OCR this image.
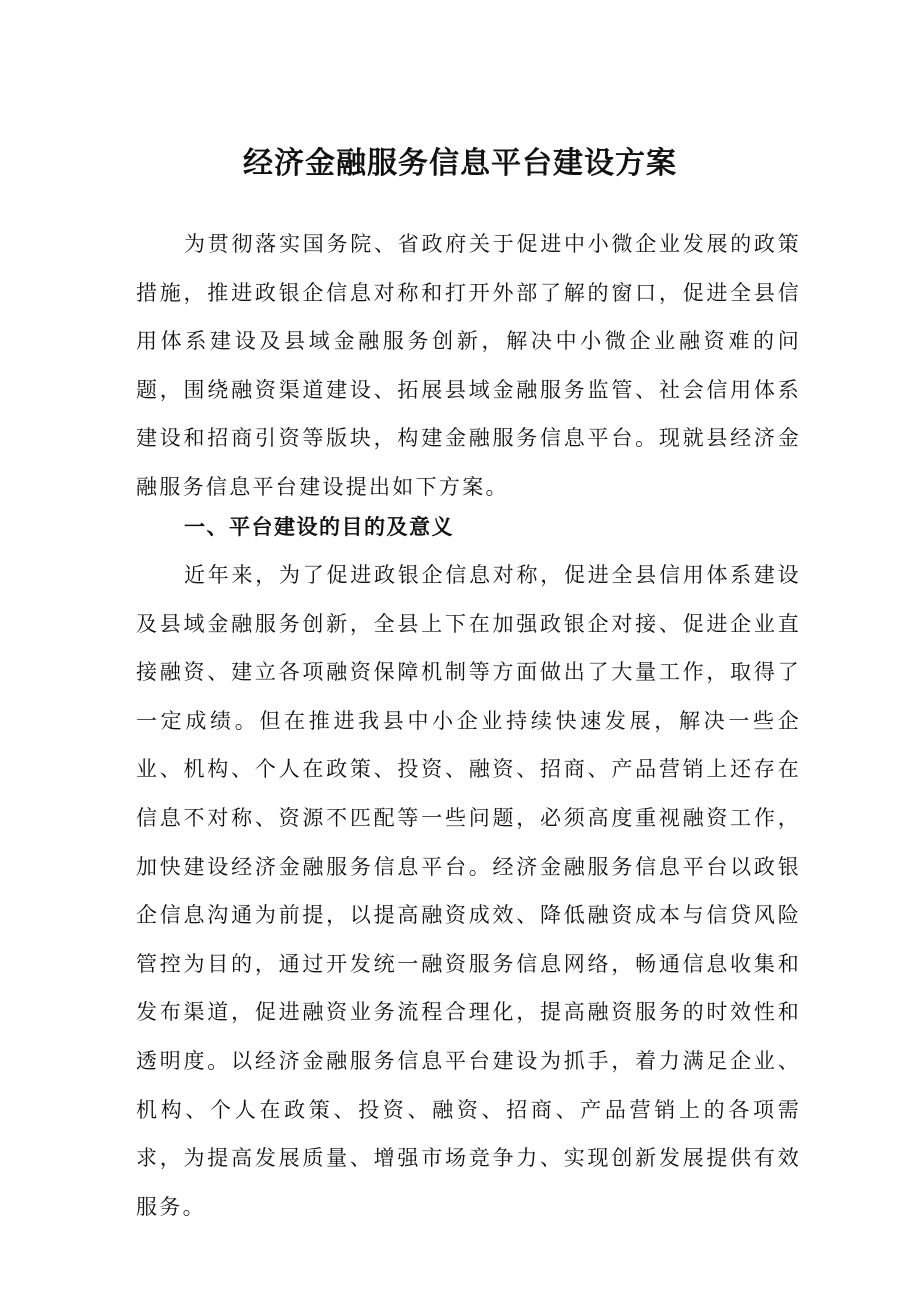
经济金融服务信息平台建设方案

为贯彻落实国务院、省政府关于促进中小微企业发展的政策措施，推进政银企信息对称和打开外部了解的窗口，促进全县信用体系建设及县域金融服务创新，解决中小微企业融资难的问题，围绕融资渠道建设、拓展县域金融服务监管、社会信用体系建设和招商引资等版块，构建金融服务信息平台。现就县经济金融服务信息平台建设提出如下方案。

一、平台建设的目的及意义

近年来，为了促进政银企信息对称，促进全县信用体系建设及县域金融服务创新，全县上下在加强政银企对接、促进企业直接融资、建立各项融资保障机制等方面做出了大量工作，取得了一定成绩。但在推进我县中小企业持续快速发展，解决一些企业、机构、个人在政策、投资、融资、招商、产品营销上还存在信息不对称、资源不匹配等一些问题，必须高度重视融资工作，加快建设经济金融服务信息平台。经济金融服务信息平台以政银企信息沟通为前提，以提高融资成效、降低融资成本与信贷风险管控为目的，通过开发统一融资服务信息网络，畅通信息收集和发布渠道，促进融资业务流程合理化，提高融资服务的时效性和透明度。以经济金融服务信息平台建设为抓手，着力满足企业、机构、个人在政策、投资、融资、招商、产品营销上的各项需求，为提高发展质量、增强市场竞争力、实现创新发展提供有效服务。
